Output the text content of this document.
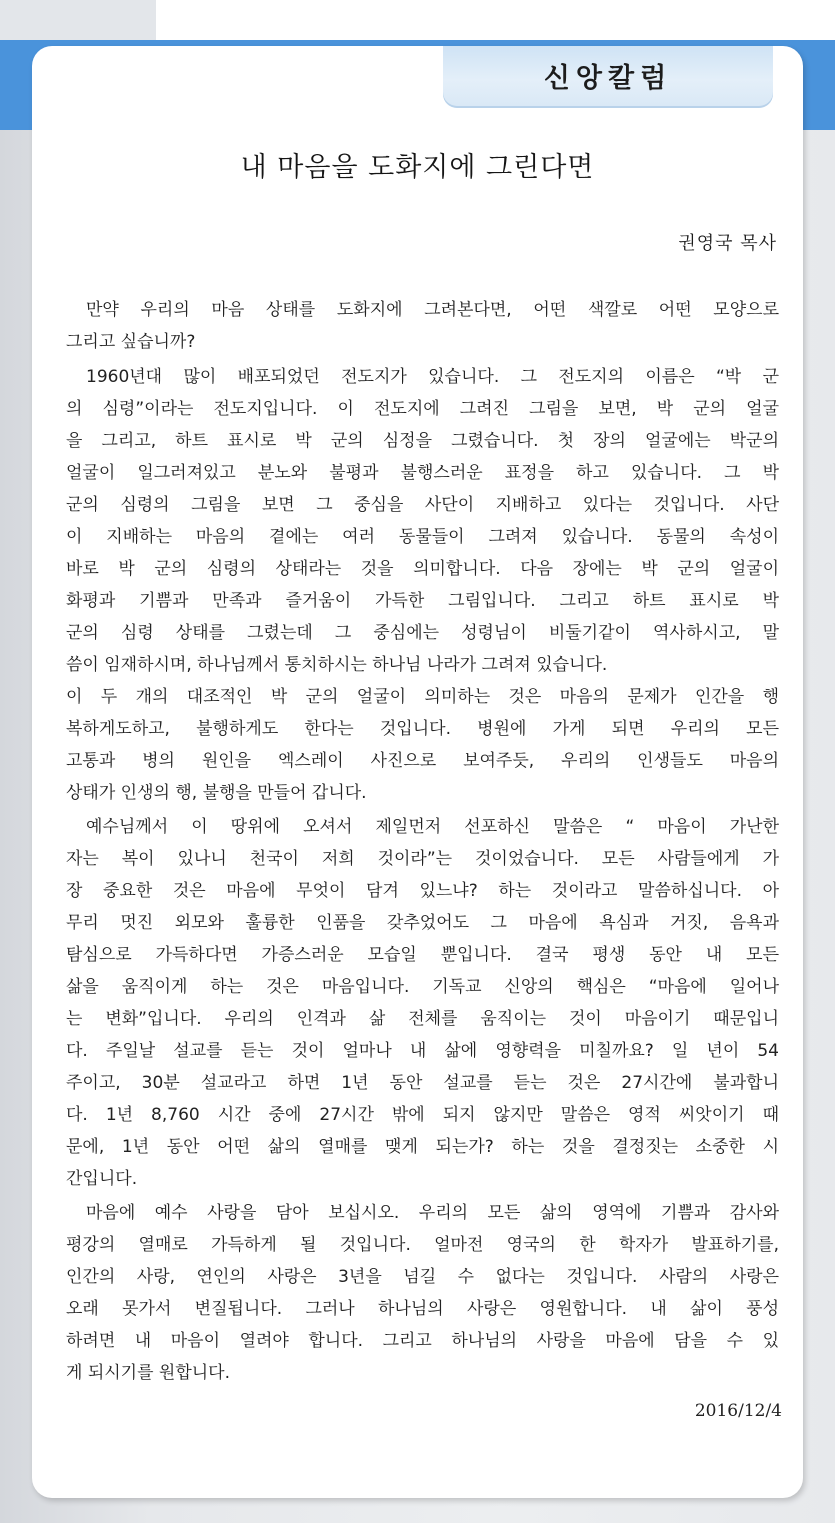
신앙칼럼
내 마음을 도화지에 그린다면
권영국 목사
만약 우리의 마음 상태를 도화지에 그려본다면, 어떤 색깔로 어떤 모양으로
그리고 싶습니까?
1960년대 많이 배포되었던 전도지가 있습니다. 그 전도지의 이름은 “박 군
의 심령”이라는 전도지입니다. 이 전도지에 그려진 그림을 보면, 박 군의 얼굴
을 그리고, 하트 표시로 박 군의 심정을 그렸습니다. 첫 장의 얼굴에는 박군의
얼굴이 일그러져있고 분노와 불평과 불행스러운 표정을 하고 있습니다. 그 박
군의 심령의 그림을 보면 그 중심을 사단이 지배하고 있다는 것입니다. 사단
이 지배하는 마음의 곁에는 여러 동물들이 그려져 있습니다. 동물의 속성이
바로 박 군의 심령의 상태라는 것을 의미합니다. 다음 장에는 박 군의 얼굴이
화평과 기쁨과 만족과 즐거움이 가득한 그림입니다. 그리고 하트 표시로 박
군의 심령 상태를 그렸는데 그 중심에는 성령님이 비둘기같이 역사하시고, 말
씀이 임재하시며, 하나님께서 통치하시는 하나님 나라가 그려져 있습니다.
이 두 개의 대조적인 박 군의 얼굴이 의미하는 것은 마음의 문제가 인간을 행
복하게도하고, 불행하게도 한다는 것입니다. 병원에 가게 되면 우리의 모든
고통과 병의 원인을 엑스레이 사진으로 보여주듯, 우리의 인생들도 마음의
상태가 인생의 행, 불행을 만들어 갑니다.
예수님께서 이 땅위에 오셔서 제일먼저 선포하신 말씀은 “ 마음이 가난한
자는 복이 있나니 천국이 저희 것이라”는 것이었습니다. 모든 사람들에게 가
장 중요한 것은 마음에 무엇이 담겨 있느냐? 하는 것이라고 말씀하십니다. 아
무리 멋진 외모와 훌륭한 인품을 갖추었어도 그 마음에 욕심과 거짓, 음욕과
탐심으로 가득하다면 가증스러운 모습일 뿐입니다. 결국 평생 동안 내 모든
삶을 움직이게 하는 것은 마음입니다. 기독교 신앙의 핵심은 “마음에 일어나
는 변화”입니다. 우리의 인격과 삶 전체를 움직이는 것이 마음이기 때문입니
다. 주일날 설교를 듣는 것이 얼마나 내 삶에 영향력을 미칠까요? 일 년이 54
주이고, 30분 설교라고 하면 1년 동안 설교를 듣는 것은 27시간에 불과합니
다. 1년 8,760 시간 중에 27시간 밖에 되지 않지만 말씀은 영적 씨앗이기 때
문에, 1년 동안 어떤 삶의 열매를 맺게 되는가? 하는 것을 결정짓는 소중한 시
간입니다.
마음에 예수 사랑을 담아 보십시오. 우리의 모든 삶의 영역에 기쁨과 감사와
평강의 열매로 가득하게 될 것입니다. 얼마전 영국의 한 학자가 발표하기를,
인간의 사랑, 연인의 사랑은 3년을 넘길 수 없다는 것입니다. 사람의 사랑은
오래 못가서 변질됩니다. 그러나 하나님의 사랑은 영원합니다. 내 삶이 풍성
하려면 내 마음이 열려야 합니다. 그리고 하나님의 사랑을 마음에 담을 수 있
게 되시기를 원합니다.
2016/12/4
